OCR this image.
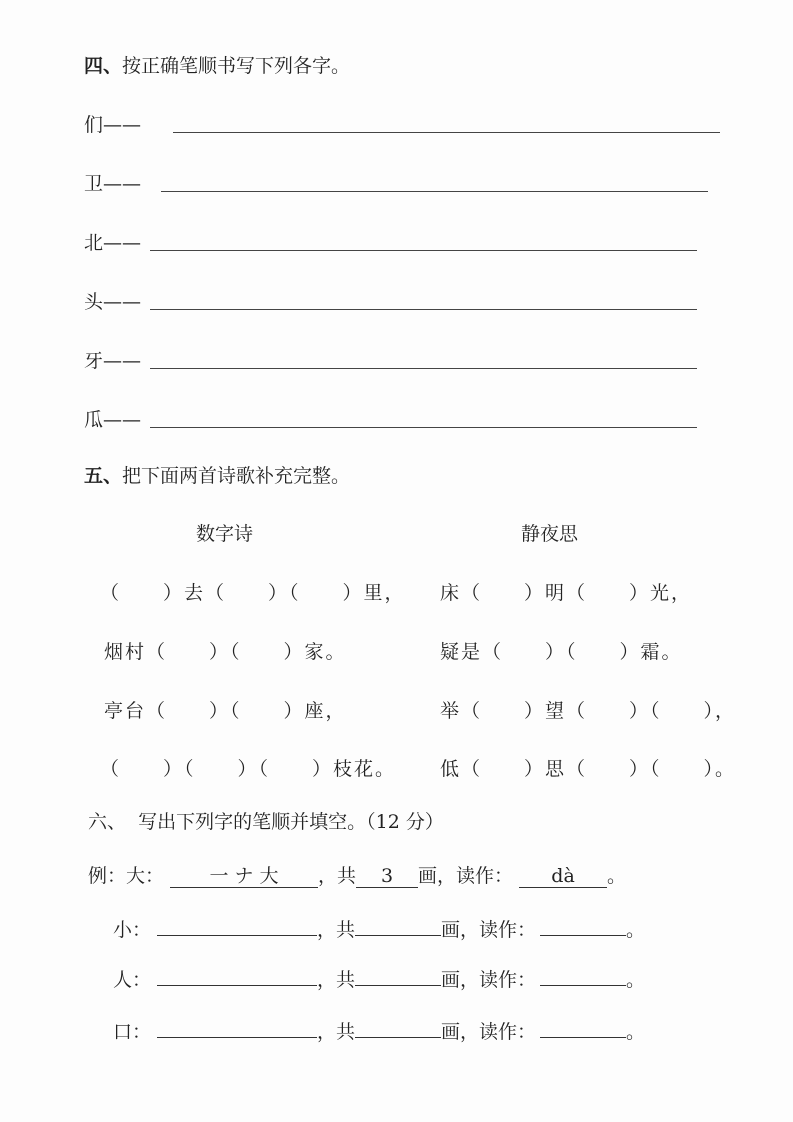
四、按正确笔顺书写下列各字。
们——
卫——
北——
头——
牙——
瓜——
五、把下面两首诗歌补充完整。
数字诗	静夜思
（　　）去（　　）（　　）里，
烟村（　　）（　　）家。
亭台（　　）（　　）座，
（　　）（　　）（　　）枝花。
床（　　）明（　　）光，
疑是（　　）（　　）霜。
举（　　）望（　　）（　　），
低（　　）思（　　）（　　）。
六、 写出下列字的笔顺并填空。（12 分）
例：大： 一 ナ 大 ，共 3 画，读作： dà 。
小：	，共	画，读作：	。
人：	，共	画，读作：	。
口：	，共	画，读作：	。
